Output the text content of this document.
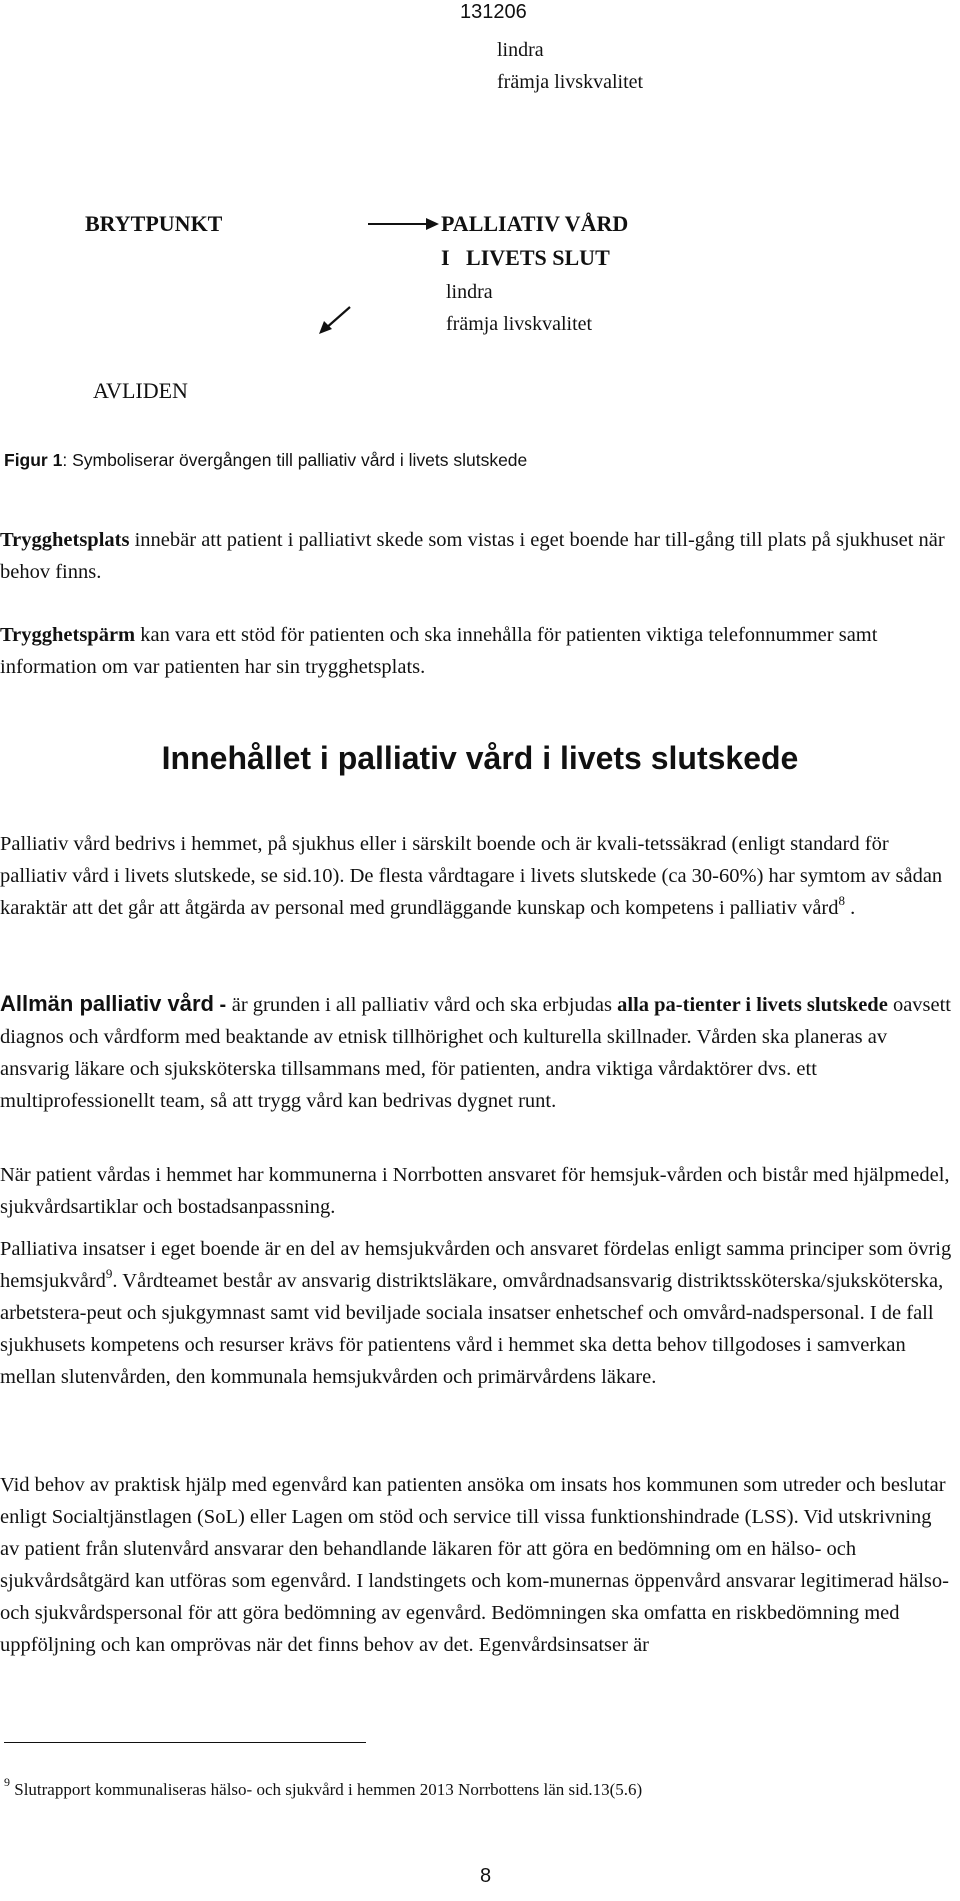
131206
lindra
främja livskvalitet
BRYTPUNKT	PALLIATIV VÅRD
I   LIVETS SLUT
lindra
främja livskvalitet
AVLIDEN
Figur 1: Symboliserar övergången till palliativ vård i livets slutskede

Trygghetsplats innebär att patient i palliativt skede som vistas i eget boende har till-gång till plats på sjukhuset när behov finns.

Trygghetspärm kan vara ett stöd för patienten och ska innehålla för patienten viktiga telefonnummer samt information om var patienten har sin trygghetsplats.

Innehållet i palliativ vård i livets slutskede

Palliativ vård bedrivs i hemmet, på sjukhus eller i särskilt boende och är kvali-tetssäkrad (enligt standard för palliativ vård i livets slutskede, se sid.10). De flesta vårdtagare i livets slutskede (ca 30-60%) har symtom av sådan karaktär att det går att åtgärda av personal med grundläggande kunskap och kompetens i palliativ vård$^8$ .

Allmän palliativ vård - är grunden i all palliativ vård och ska erbjudas alla pa-tienter i livets slutskede oavsett diagnos och vårdform med beaktande av etnisk tillhörighet och kulturella skillnader. Vården ska planeras av ansvarig läkare och sjuksköterska tillsammans med, för patienten, andra viktiga vårdaktörer dvs. ett multiprofessionellt team, så att trygg vård kan bedrivas dygnet runt.

När patient vårdas i hemmet har kommunerna i Norrbotten ansvaret för hemsjuk-vården och bistår med hjälpmedel, sjukvårdsartiklar och bostadsanpassning.

Palliativa insatser i eget boende är en del av hemsjukvården och ansvaret fördelas enligt samma principer som övrig hemsjukvård$^9$. Vårdteamet består av ansvarig distriktsläkare, omvårdnadsansvarig distriktssköterska/sjuksköterska, arbetstera-peut och sjukgymnast samt vid beviljade sociala insatser enhetschef och omvård-nadspersonal. I de fall sjukhusets kompetens och resurser krävs för patientens vård i hemmet ska detta behov tillgodoses i samverkan mellan slutenvården, den kommunala hemsjukvården och primärvårdens läkare.

Vid behov av praktisk hjälp med egenvård kan patienten ansöka om insats hos kommunen som utreder och beslutar enligt Socialtjänstlagen (SoL) eller Lagen om stöd och service till vissa funktionshindrade (LSS). Vid utskrivning av patient från slutenvård ansvarar den behandlande läkaren för att göra en bedömning om en hälso- och sjukvårdsåtgärd kan utföras som egenvård. I landstingets och kom-munernas öppenvård ansvarar legitimerad hälso- och sjukvårdspersonal för att göra bedömning av egenvård. Bedömningen ska omfatta en riskbedömning med uppföljning och kan omprövas när det finns behov av det. Egenvårdsinsatser är

$^9$ Slutrapport kommunaliseras hälso- och sjukvård i hemmen 2013 Norrbottens län sid.13(5.6)
8
